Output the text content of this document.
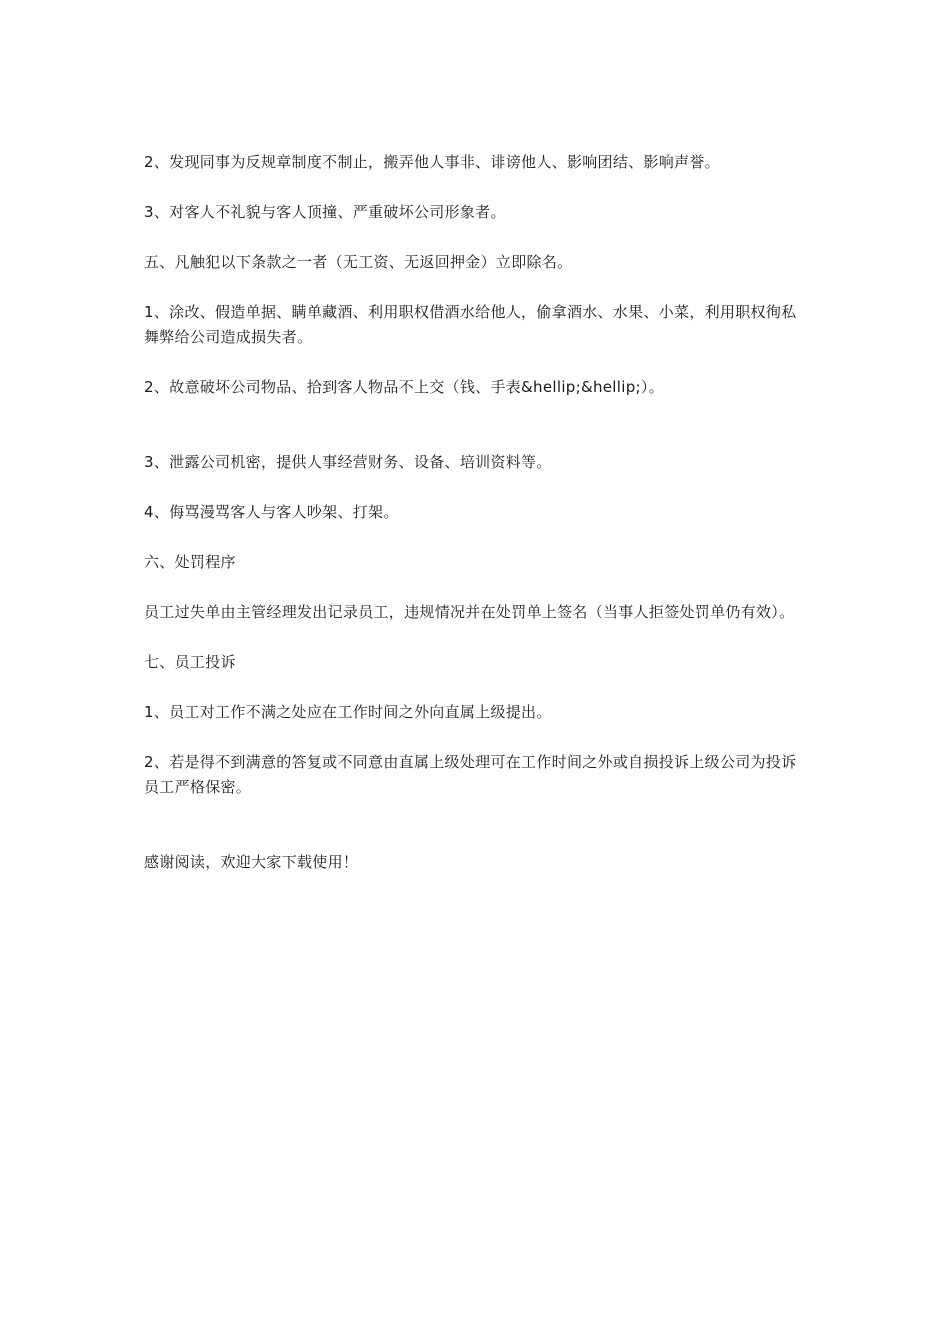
2、发现同事为反规章制度不制止，搬弄他人事非、诽谤他人、影响团结、影响声誉。

3、对客人不礼貌与客人顶撞、严重破坏公司形象者。

五、凡触犯以下条款之一者（无工资、无返回押金）立即除名。

1、涂改、假造单据、瞒单藏酒、利用职权借酒水给他人，偷拿酒水、水果、小菜，利用职权徇私舞弊给公司造成损失者。

2、故意破坏公司物品、拾到客人物品不上交（钱、手表&hellip;&hellip;）。

3、泄露公司机密，提供人事经营财务、设备、培训资料等。

4、侮骂漫骂客人与客人吵架、打架。

六、处罚程序

员工过失单由主管经理发出记录员工，违规情况并在处罚单上签名（当事人拒签处罚单仍有效）。

七、员工投诉

1、员工对工作不满之处应在工作时间之外向直属上级提出。

2、若是得不到满意的答复或不同意由直属上级处理可在工作时间之外或自损投诉上级公司为投诉员工严格保密。

感谢阅读，欢迎大家下载使用！
